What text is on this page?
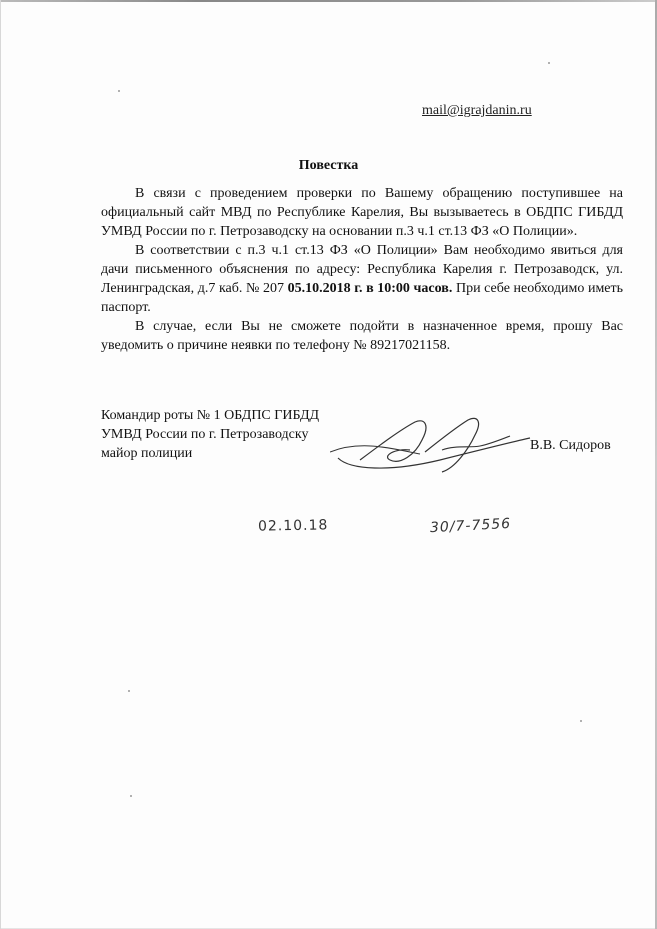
mail@igrajdanin.ru
Повестка

В связи с проведением проверки по Вашему обращению поступившее на официальный сайт МВД по Республике Карелия, Вы вызываетесь в ОБДПС ГИБДД УМВД России по г. Петрозаводску на основании п.3 ч.1 ст.13 ФЗ «О Полиции».

В соответствии с п.3 ч.1 ст.13 ФЗ «О Полиции» Вам необходимо явиться для дачи письменного объяснения по адресу: Республика Карелия г. Петрозаводск, ул. Ленинградская, д.7 каб. № 207 05.10.2018 г. в 10:00 часов. При себе необходимо иметь паспорт.

В случае, если Вы не сможете подойти в назначенное время, прошу Вас уведомить о причине неявки по телефону № 89217021158.

Командир роты № 1 ОБДПС ГИБДД
УМВД России по г. Петрозаводску
майор полиции
В.В. Сидоров
02.10.18	30/7-7556
